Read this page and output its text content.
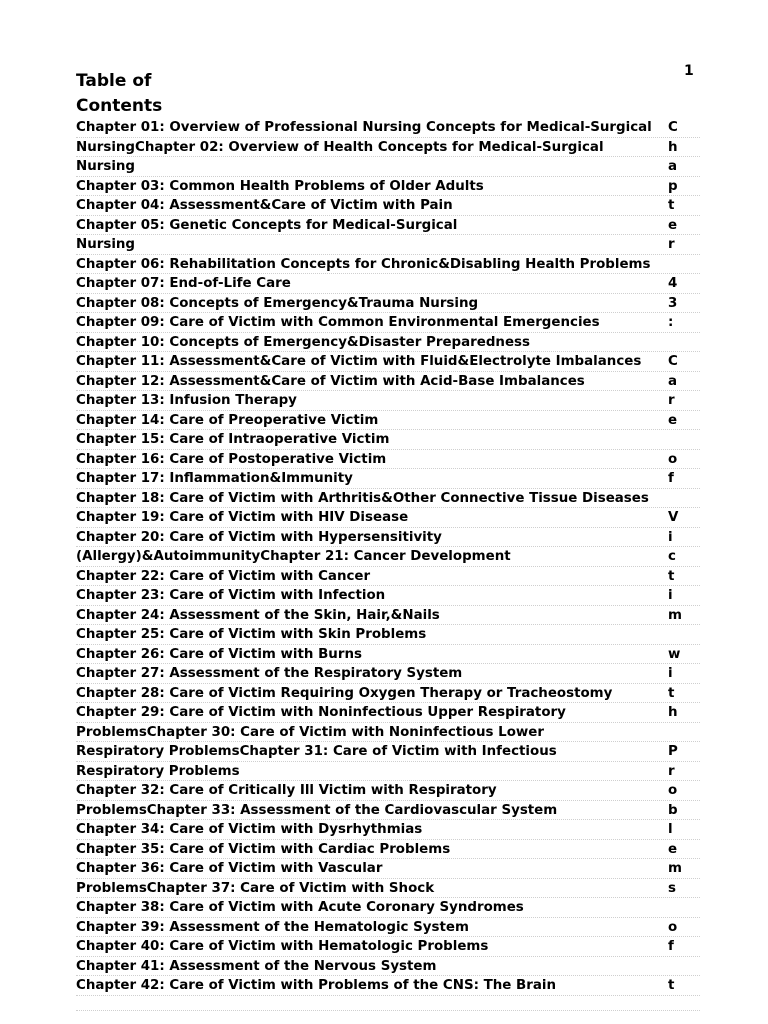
1
Table of
Contents
Chapter 01: Overview of Professional Nursing Concepts for Medical-Surgical
NursingChapter 02: Overview of Health Concepts for Medical-Surgical
Nursing
Chapter 03: Common Health Problems of Older Adults
Chapter 04: Assessment&Care of Victim with Pain
Chapter 05: Genetic Concepts for Medical-Surgical
Nursing
Chapter 06: Rehabilitation Concepts for Chronic&Disabling Health Problems
Chapter 07: End-of-Life Care
Chapter 08: Concepts of Emergency&Trauma Nursing
Chapter 09: Care of Victim with Common Environmental Emergencies
Chapter 10: Concepts of Emergency&Disaster Preparedness
Chapter 11: Assessment&Care of Victim with Fluid&Electrolyte Imbalances
Chapter 12: Assessment&Care of Victim with Acid-Base Imbalances
Chapter 13: Infusion Therapy
Chapter 14: Care of Preoperative Victim
Chapter 15: Care of Intraoperative Victim
Chapter 16: Care of Postoperative Victim
Chapter 17: Inflammation&Immunity
Chapter 18: Care of Victim with Arthritis&Other Connective Tissue Diseases
Chapter 19: Care of Victim with HIV Disease
Chapter 20: Care of Victim with Hypersensitivity
(Allergy)&AutoimmunityChapter 21: Cancer Development
Chapter 22: Care of Victim with Cancer
Chapter 23: Care of Victim with Infection
Chapter 24: Assessment of the Skin, Hair,&Nails
Chapter 25: Care of Victim with Skin Problems
Chapter 26: Care of Victim with Burns
Chapter 27: Assessment of the Respiratory System
Chapter 28: Care of Victim Requiring Oxygen Therapy or Tracheostomy
Chapter 29: Care of Victim with Noninfectious Upper Respiratory
ProblemsChapter 30: Care of Victim with Noninfectious Lower
Respiratory ProblemsChapter 31: Care of Victim with Infectious
Respiratory Problems
Chapter 32: Care of Critically Ill Victim with Respiratory
ProblemsChapter 33: Assessment of the Cardiovascular System
Chapter 34: Care of Victim with Dysrhythmias
Chapter 35: Care of Victim with Cardiac Problems
Chapter 36: Care of Victim with Vascular
ProblemsChapter 37: Care of Victim with Shock
Chapter 38: Care of Victim with Acute Coronary Syndromes
Chapter 39: Assessment of the Hematologic System
Chapter 40: Care of Victim with Hematologic Problems
Chapter 41: Assessment of the Nervous System
Chapter 42: Care of Victim with Problems of the CNS: The Brain
C
h
a
p
t
e
r
4
3
:
C
a
r
e
o
f
V
i
c
t
i
m
w
i
t
h
P
r
o
b
l
e
m
s
o
f
t
